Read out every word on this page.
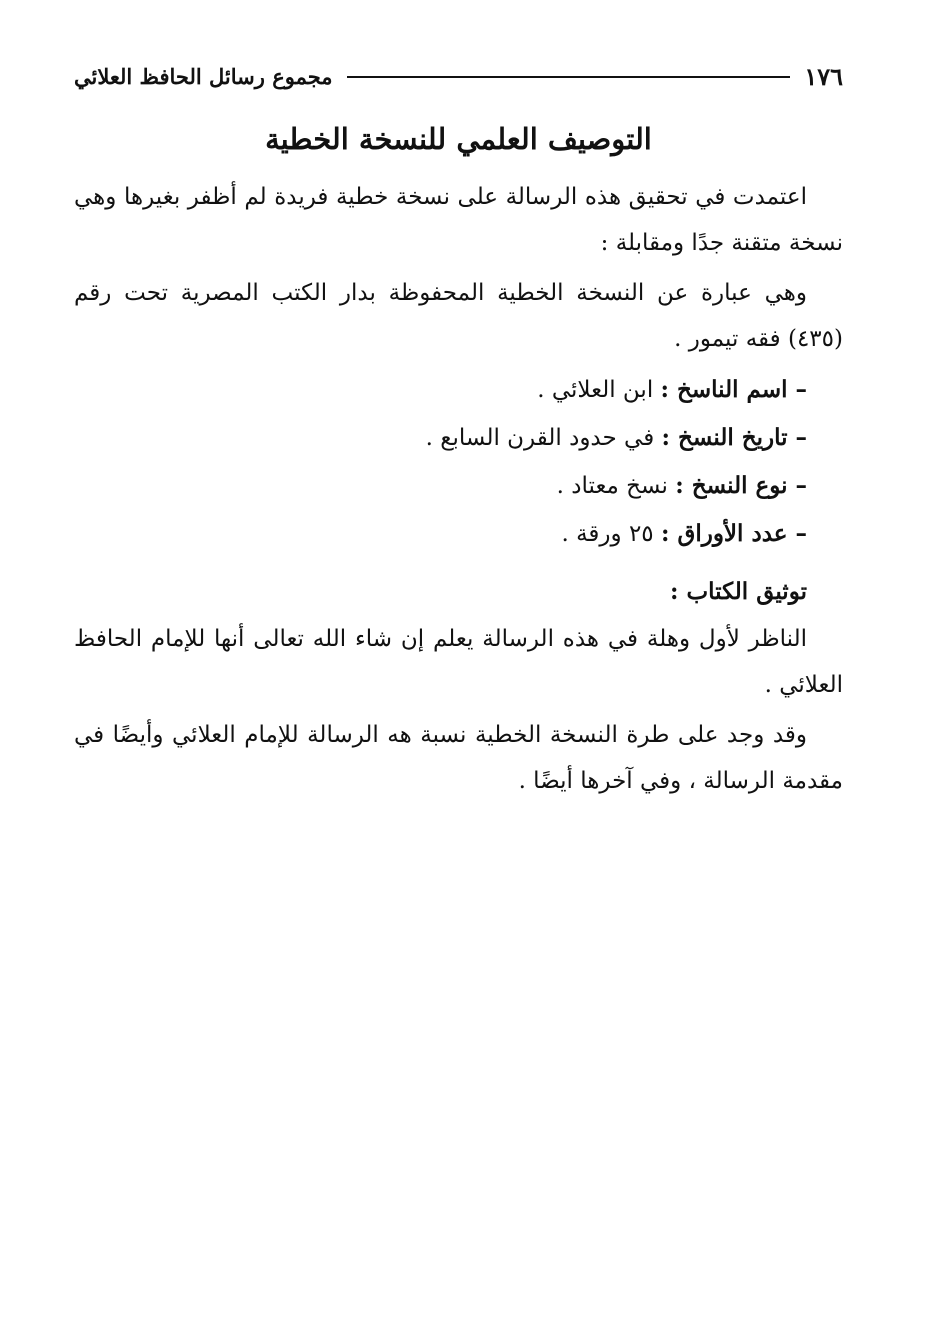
١٧٦
مجموع رسائل الحافظ العلائي
التوصيف العلمي للنسخة الخطية

اعتمدت في تحقيق هذه الرسالة على نسخة خطية فريدة لم أظفر بغيرها وهي نسخة متقنة جدًا ومقابلة :

وهي عبارة عن النسخة الخطية المحفوظة بدار الكتب المصرية تحت رقم (٤٣٥) فقه تيمور .

– اسم الناسخ : ابن العلائي .
– تاريخ النسخ : في حدود القرن السابع .
– نوع النسخ : نسخ معتاد .
– عدد الأوراق : ٢٥ ورقة .
توثيق الكتاب :

الناظر لأول وهلة في هذه الرسالة يعلم إن شاء الله تعالى أنها للإمام الحافظ العلائي .

وقد وجد على طرة النسخة الخطية نسبة هه الرسالة للإمام العلائي وأيضًا في مقدمة الرسالة ، وفي آخرها أيضًا .
